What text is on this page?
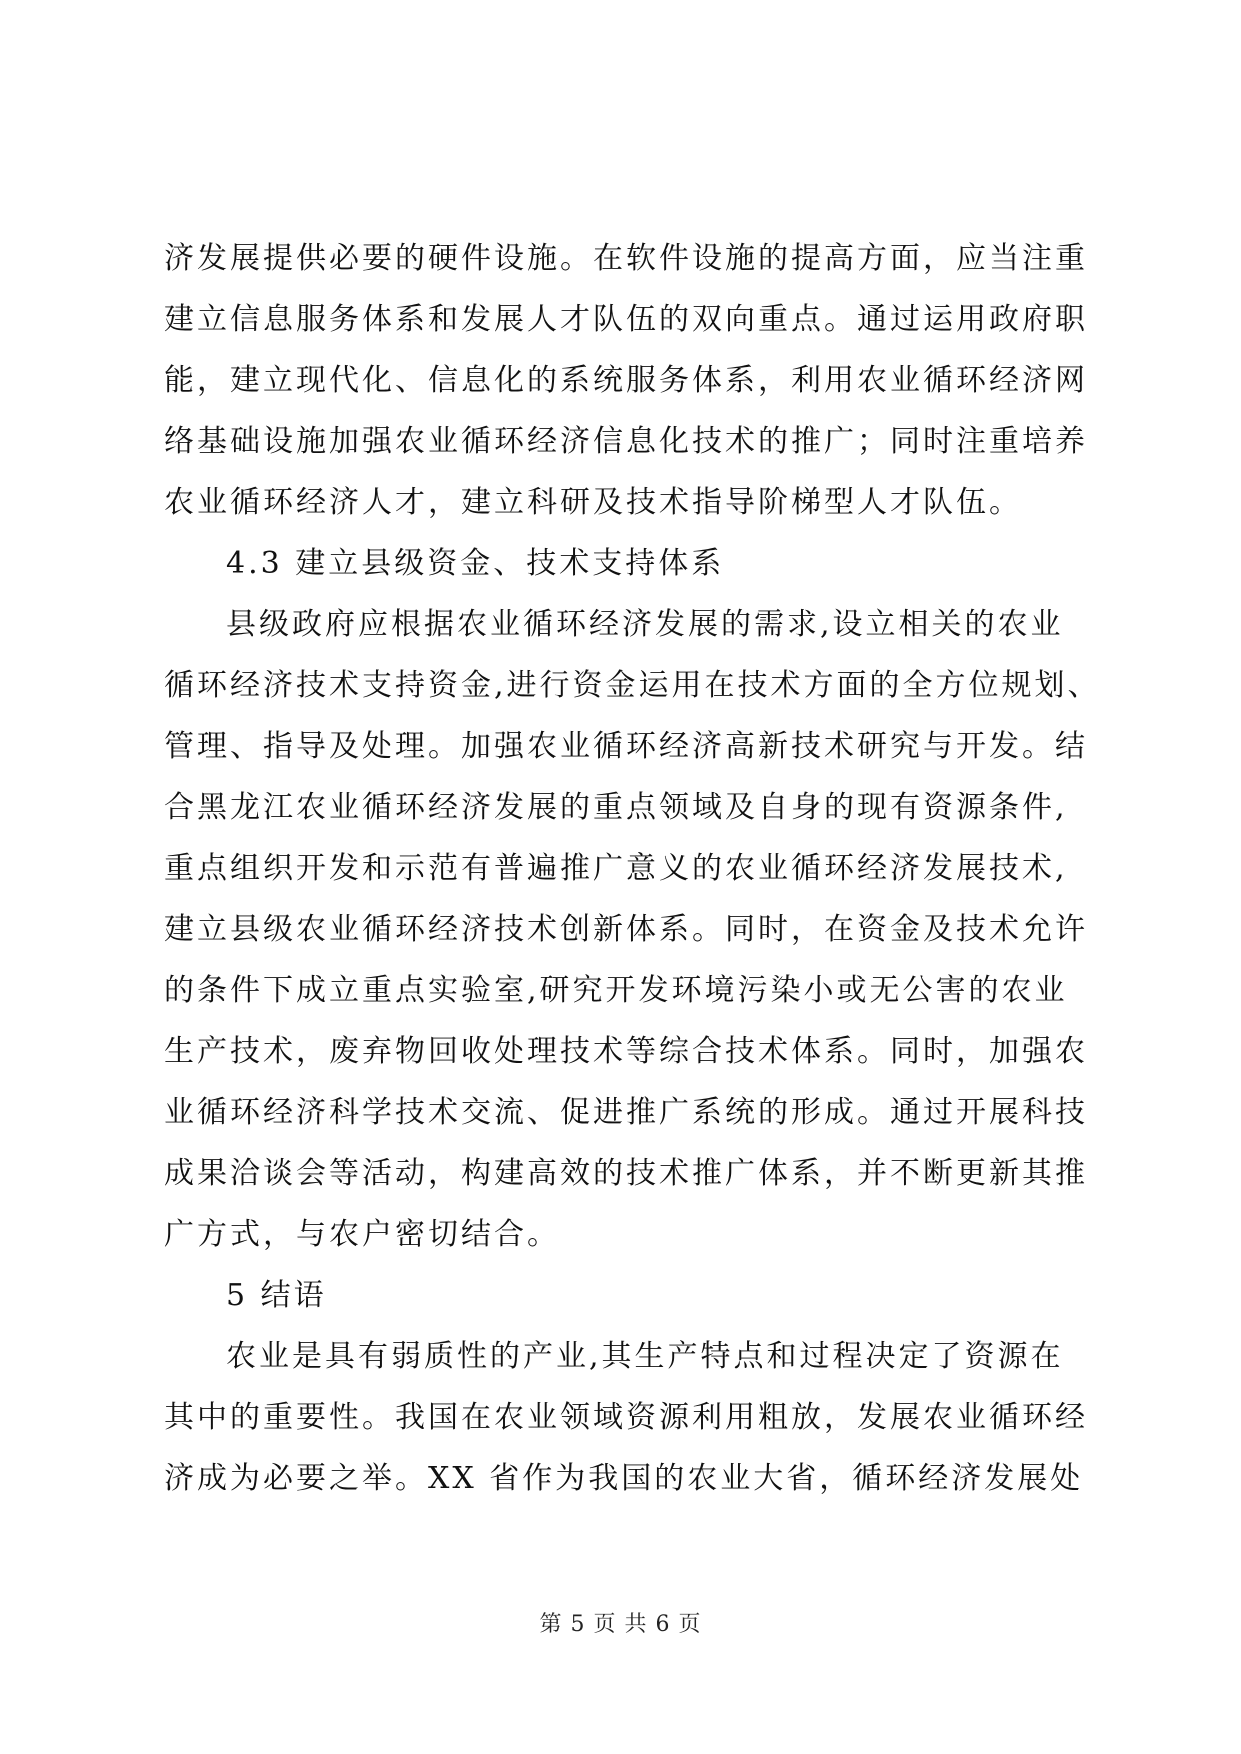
济发展提供必要的硬件设施。在软件设施的提高方面，应当注重
建立信息服务体系和发展人才队伍的双向重点。通过运用政府职
能，建立现代化、信息化的系统服务体系，利用农业循环经济网
络基础设施加强农业循环经济信息化技术的推广；同时注重培养
农业循环经济人才，建立科研及技术指导阶梯型人才队伍。
4.3 建立县级资金、技术支持体系
县级政府应根据农业循环经济发展的需求,设立相关的农业
循环经济技术支持资金,进行资金运用在技术方面的全方位规划、
管理、指导及处理。加强农业循环经济高新技术研究与开发。结
合黑龙江农业循环经济发展的重点领域及自身的现有资源条件,
重点组织开发和示范有普遍推广意义的农业循环经济发展技术,
建立县级农业循环经济技术创新体系。同时，在资金及技术允许
的条件下成立重点实验室,研究开发环境污染小或无公害的农业
生产技术，废弃物回收处理技术等综合技术体系。同时，加强农
业循环经济科学技术交流、促进推广系统的形成。通过开展科技
成果洽谈会等活动，构建高效的技术推广体系，并不断更新其推
广方式，与农户密切结合。
5 结语
农业是具有弱质性的产业,其生产特点和过程决定了资源在
其中的重要性。我国在农业领域资源利用粗放，发展农业循环经
济成为必要之举。XX 省作为我国的农业大省，循环经济发展处
第 5 页 共 6 页
